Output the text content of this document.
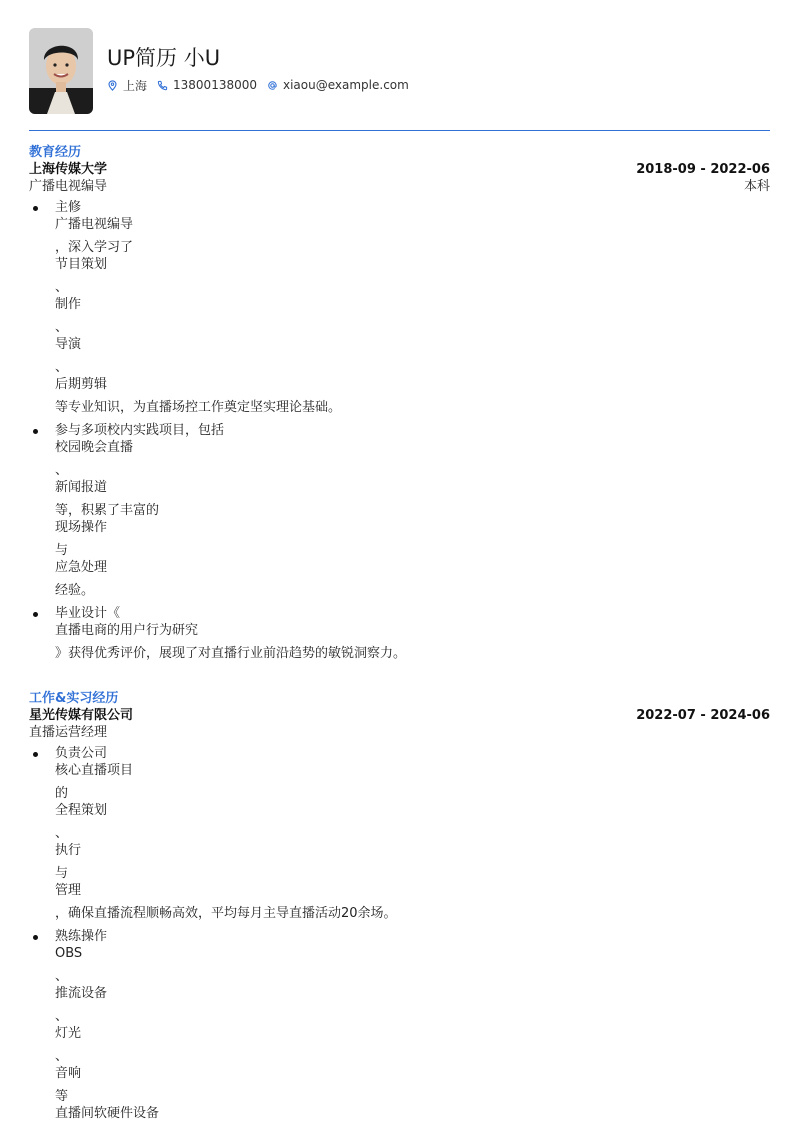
UP简历 小U
上海 13800138000 xiaou@example.com
教育经历
上海传媒大学	2018-09 - 2022-06
广播电视编导	本科
主修
广播电视编导
，深入学习了
节目策划
、
制作
、
导演
、
后期剪辑
等专业知识，为直播场控工作奠定坚实理论基础。
参与多项校内实践项目，包括
校园晚会直播
、
新闻报道
等，积累了丰富的
现场操作
与
应急处理
经验。
毕业设计《
直播电商的用户行为研究
》获得优秀评价，展现了对直播行业前沿趋势的敏锐洞察力。
工作&实习经历
星光传媒有限公司	2022-07 - 2024-06
直播运营经理
负责公司
核心直播项目
的
全程策划
、
执行
与
管理
，确保直播流程顺畅高效，平均每月主导直播活动20余场。
熟练操作
OBS
、
推流设备
、
灯光
、
音响
等
直播间软硬件设备
